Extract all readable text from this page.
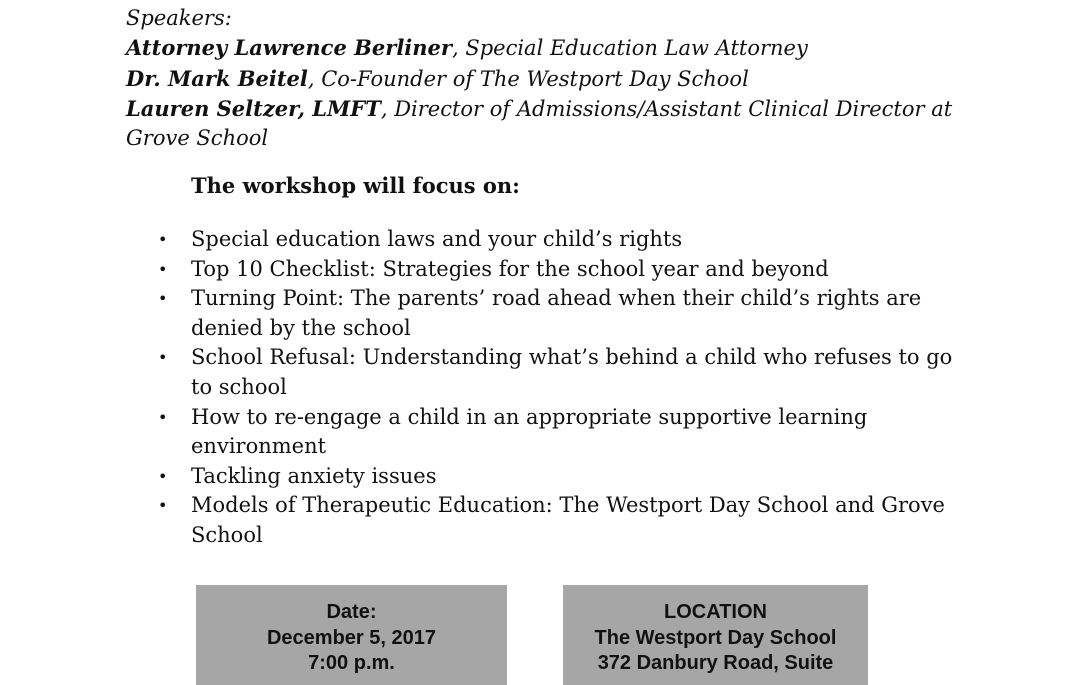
Speakers:
Attorney Lawrence Berliner, Special Education Law Attorney
Dr. Mark Beitel, Co-Founder of The Westport Day School
Lauren Seltzer, LMFT, Director of Admissions/Assistant Clinical Director at
Grove School
The workshop will focus on:
• Special education laws and your child’s rights
• Top 10 Checklist: Strategies for the school year and beyond
• Turning Point: The parents’ road ahead when their child’s rights are
denied by the school
• School Refusal: Understanding what’s behind a child who refuses to go
to school
• How to re-engage a child in an appropriate supportive learning
environment
• Tackling anxiety issues
• Models of Therapeutic Education: The Westport Day School and Grove
School
Date:
December 5, 2017
7:00 p.m.
LOCATION
The Westport Day School
372 Danbury Road, Suite
